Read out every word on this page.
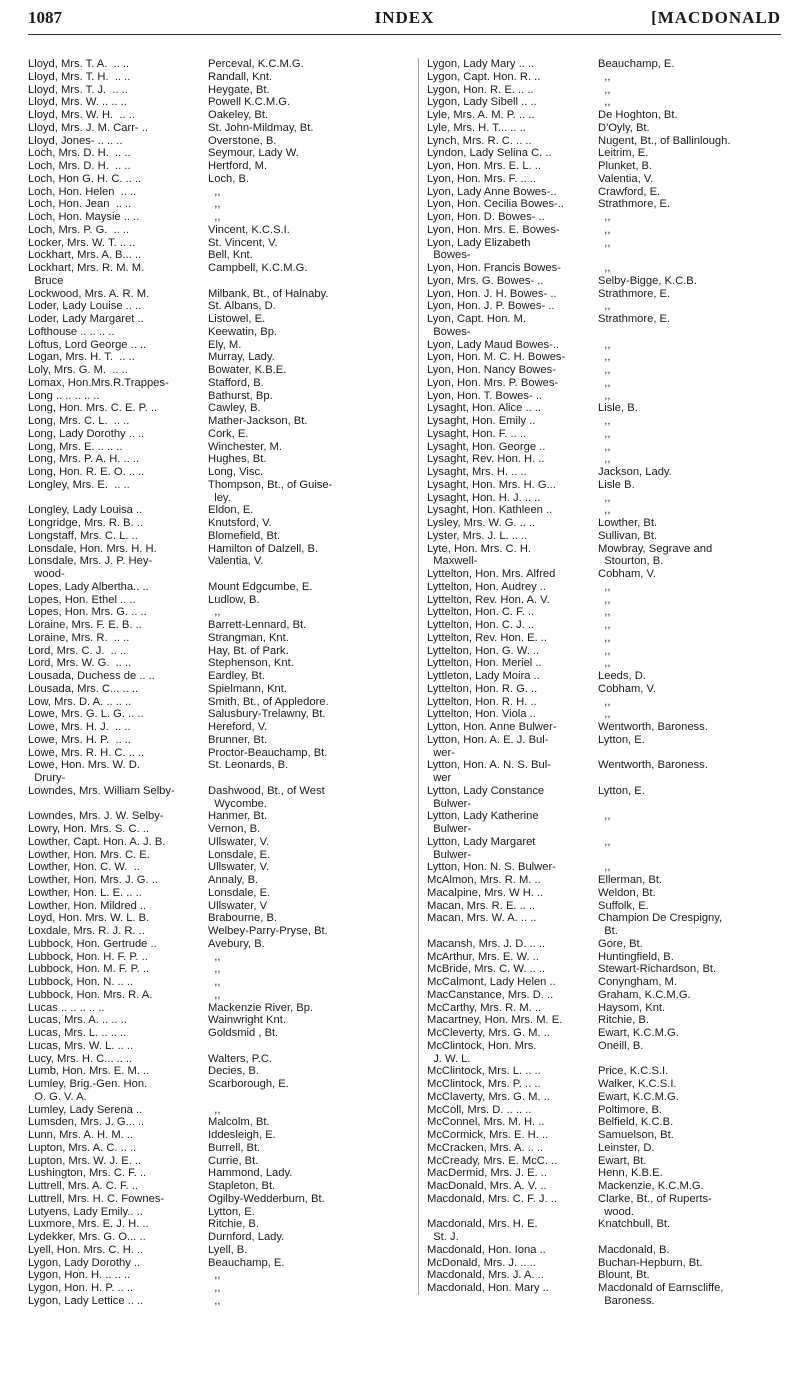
1087	INDEX	[MACDONALD
Lloyd, Mrs. T. A.  .. ..
Lloyd, Mrs. T. H.  .. ..
Lloyd, Mrs. T. J.  .. ..
Lloyd, Mrs. W. .. .. ..
Lloyd, Mrs. W. H.  .. ..
Lloyd, Mrs. J. M. Carr- ..
Lloyd, Jones- .. .. ..
Loch, Mrs. D. H.  .. ..
Loch, Mrs. D. H.  .. ..
Loch, Hon G. H. C. .. ..
Loch, Hon. Helen  .. ..
Loch, Hon. Jean  .. ..
Loch, Hon. Maysie .. ..
Loch, Mrs. P. G.  .. ..
Locker, Mrs. W. T. .. ..
Lockhart, Mrs. A. B... ..
Lockhart, Mrs. R. M. M.
Bruce
Lockwood, Mrs. A. R. M.
Loder, Lady Louise .. ..
Loder, Lady Margaret ..
Lofthouse .. .. .. ..
Loftus, Lord George .. ..
Logan, Mrs. H. T.  .. ..
Loly, Mrs. G. M.  .. ..
Lomax, Hon.Mrs.R.Trappes-
Long .. .. .. .. ..
Long, Hon. Mrs. C. E. P. ..
Long, Mrs. C. L.  .. ..
Long, Lady Dorothy .. ..
Long, Mrs. E. .. .. ..
Long, Mrs. P. A. H. .. ..
Long, Hon. R. E. O. .. ..
Longley, Mrs. E.  .. ..
Longley, Lady Louisa ..
Longridge, Mrs. R. B. ..
Longstaff, Mrs. C. L. ..
Lonsdale, Hon. Mrs. H. H.
Lonsdale, Mrs. J. P. Hey-
wood-
Lopes, Lady Albertha.. ..
Lopes, Hon. Ethel .. ..
Lopes, Hon. Mrs. G. .. ..
Loraine, Mrs. F. E. B. ..
Loraine, Mrs. R.  .. ..
Lord, Mrs. C. J.  .. ..
Lord, Mrs. W. G.  .. ..
Lousada, Duchess de .. ..
Lousada, Mrs. C... .. ..
Low, Mrs. D. A. .. .. ..
Lowe, Mrs. G. L. G. .. ..
Lowe, Mrs. H. J.  .. ..
Lowe, Mrs. H. P.  .. ..
Lowe, Mrs. R. H. C. .. ..
Lowe, Hon. Mrs. W. D.
Drury-
Lowndes, Mrs. William Selby-
Lowndes, Mrs. J. W. Selby-
Lowry, Hon. Mrs. S. C. ..
Lowther, Capt. Hon. A. J. B.
Lowther, Hon. Mrs. C. E.
Lowther, Hon. C. W.  ..
Lowther, Hon. Mrs. J. G. ..
Lowther, Hon. L. E. .. ..
Lowther, Hon. Mildred ..
Loyd, Hon. Mrs. W. L. B.
Loxdale, Mrs. R. J. R. ..
Lubbock, Hon. Gertrude ..
Lubbock, Hon. H. F. P. ..
Lubbock, Hon. M. F. P. ..
Lubbock, Hon. N. .. ..
Lubbock, Hon. Mrs. R. A.
Lucas .. .. .. .. ..
Lucas, Mrs. A. .. .. ..
Lucas, Mrs. L. .. .. ..
Lucas, Mrs. W. L. .. ..
Lucy, Mrs. H. C... .. ..
Lumb, Hon. Mrs. E. M. ..
Lumley, Brig.-Gen. Hon.
O. G. V. A.
Lumley, Lady Serena ..
Lumsden, Mrs. J. G... ..
Lunn, Mrs. A. H. M. ..
Lupton, Mrs. A. C. .. ..
Lupton, Mrs. W. J. E. ..
Lushington, Mrs. C. F. ..
Luttrell, Mrs. A. C. F. ..
Luttrell, Mrs. H. C. Fownes-
Lutyens, Lady Emily.. ..
Luxmore, Mrs. E. J. H. ..
Lydekker, Mrs. G. O... ..
Lyell, Hon. Mrs. C. H. ..
Lygon, Lady Dorothy ..
Lygon, Hon. H. .. .. ..
Lygon, Hon. H. P. .. ..
Lygon, Lady Lettice .. ..
Perceval, K.C.M.G.
Randall, Knt.
Heygate, Bt.
Powell K.C.M.G.
Oakeley, Bt.
St. John-Mildmay, Bt.
Overstone, B.
Seymour, Lady W.
Hertford, M.
Loch, B.
,,
,,
,,
Vincent, K.C.S.I.
St. Vincent, V.
Bell, Knt.
Campbell, K.C.M.G.
Milbank, Bt., of Halnaby.
St. Albans, D.
Listowel, E.
Keewatin, Bp.
Ely, M.
Murray, Lady.
Bowater, K.B.E.
Stafford, B.
Bathurst, Bp.
Cawley, B.
Mather-Jackson, Bt.
Cork, E.
Winchester, M.
Hughes, Bt.
Long, Visc.
Thompson, Bt., of Guise-
ley.
Eldon, E.
Knutsford, V.
Blomefield, Bt.
Hamilton of Dalzell, B.
Valentia, V.
Mount Edgcumbe, E.
Ludlow, B.
,,
Barrett-Lennard, Bt.
Strangman, Knt.
Hay, Bt. of Park.
Stephenson, Knt.
Eardley, Bt.
Spielmann, Knt.
Smith, Bt., of Appledore.
Salusbury-Trelawny, Bt.
Hereford, V.
Brunner, Bt.
Proctor-Beauchamp, Bt.
St. Leonards, B.
Dashwood, Bt., of West
Wycombe.
Hanmer, Bt.
Vernon, B.
Ullswater, V.
Lonsdale, E.
Ullswater, V.
Annaly, B.
Lonsdale, E.
Ullswater, V
Brabourne, B.
Welbey-Parry-Pryse, Bt.
Avebury, B.
,,
,,
,,
,,
Mackenzie River, Bp.
Wainwright Knt.
Goldsmid , Bt.
Walters, P.C.
Decies, B.
Scarborough, E.
,,
Malcolm, Bt.
Iddesleigh, E.
Burrell, Bt.
Currie, Bt.
Hammond, Lady.
Stapleton, Bt.
Ogilby-Wedderburn, Bt.
Lytton, E.
Ritchie, B.
Durnford, Lady.
Lyell, B.
Beauchamp, E.
,,
,,
,,
Lygon, Lady Mary .. ..
Lygon, Capt. Hon. R. ..
Lygon, Hon. R. E. .. ..
Lygon, Lady Sibell .. ..
Lyle, Mrs. A. M. P. .. ..
Lyle, Mrs. H. T... .. ..
Lynch, Mrs. R. C. .. ..
Lyndon, Lady Selina C. ..
Lyon, Hon. Mrs. E. L. ..
Lyon, Hon. Mrs. F. .. ..
Lyon, Lady Anne Bowes-..
Lyon, Hon. Cecilia Bowes-..
Lyon, Hon. D. Bowes- ..
Lyon, Hon. Mrs. E. Bowes-
Lyon, Lady Elizabeth
Bowes-
Lyon, Hon. Francis Bowes-
Lyon, Mrs. G. Bowes- ..
Lyon, Hon. J. H. Bowes- ..
Lyon, Hon. J. P. Bowes- ..
Lyon, Capt. Hon. M.
Bowes-
Lyon, Lady Maud Bowes-..
Lyon, Hon. M. C. H. Bowes-
Lyon, Hon. Nancy Bowes-
Lyon, Hon. Mrs. P. Bowes-
Lyon, Hon. T. Bowes- ..
Lysaght, Hon. Alice .. ..
Lysaght, Hon. Emily ..
Lysaght, Hon. F. .. ..
Lysaght, Hon. George ..
Lysaght, Rev. Hon. H. ..
Lysaght, Mrs. H. .. ..
Lysaght, Hon. Mrs. H. G...
Lysaght, Hon. H. J. .. ..
Lysaght, Hon. Kathleen ..
Lysley, Mrs. W. G. .. ..
Lyster, Mrs. J. L. .. ..
Lyte, Hon. Mrs. C. H.
Maxwell-
Lyttelton, Hon. Mrs. Alfred
Lyttelton, Hon. Audrey ..
Lyttelton, Rev. Hon. A. V.
Lyttelton, Hon. C. F. ..
Lyttelton, Hon. C. J. ..
Lyttelton, Rev. Hon. E. ..
Lyttelton, Hon. G. W. ..
Lyttelton, Hon. Meriel ..
Lyttleton, Lady Moira ..
Lyttelton, Hon. R. G. ..
Lyttelton, Hon. R. H. ..
Lyttelton, Hon. Viola ..
Lytton, Hon. Anne Bulwer-
Lytton, Hon. A. E. J. Bul-
wer-
Lytton, Hon. A. N. S. Bul-
wer
Lytton, Lady Constance
Bulwer-
Lytton, Lady Katherine
Bulwer-
Lytton, Lady Margaret
Bulwer-
Lytton, Hon. N. S. Bulwer-
McAlmon, Mrs. R. M. ..
Macalpine, Mrs. W H. ..
Macan, Mrs. R. E. .. ..
Macan, Mrs. W. A. .. ..
Macansh, Mrs. J. D. .. ..
McArthur, Mrs. E. W. ..
McBride, Mrs. C. W. .. ..
McCalmont, Lady Helen ..
MacCanstance, Mrs. D. ..
McCarthy, Mrs. R. M. ..
Macartney, Hon. Mrs. M. E.
McCleverty, Mrs. G. M. ..
McClintock, Hon. Mrs.
J. W. L.
McClintock, Mrs. L. .. ..
McClintock, Mrs. P. .. ..
McClaverty, Mrs. G. M. ..
McColl, Mrs. D. .. .. ..
McConnel, Mrs. M. H. ..
McCormick, Mrs. E. H. ..
McCracken, Mrs. A. .. ..
McCready, Mrs. E. McC. ..
MacDermid, Mrs. J. E. ..
MacDonald, Mrs. A. V. ..
Macdonald, Mrs. C. F. J. ..
Macdonald, Mrs. H. E.
St. J.
Macdonald, Hon. Iona ..
McDonald, Mrs. J. .. ..
Macdonald, Mrs. J. A. ..
Macdonald, Hon. Mary ..
Beauchamp, E.
,,
,,
,,
De Hoghton, Bt.
D'Oyly, Bt.
Nugent, Bt., of Ballinlough.
Leitrim, E.
Plunket, B.
Valentia, V.
Crawford, E.
Strathmore, E.
,,
,,
,,
,,
Selby-Bigge, K.C.B.
Strathmore, E.
,,
Strathmore, E.
,,
,,
,,
,,
,,
Lisle, B.
,,
,,
,,
,,
Jackson, Lady.
Lisle B.
,,
,,
Lowther, Bt.
Sullivan, Bt.
Mowbray, Segrave and
Stourton, B.
Cobham, V.
,,
,,
,,
,,
,,
,,
,,
Leeds, D.
Cobham, V.
,,
,,
Wentworth, Baroness.
Lytton, E.
Wentworth, Baroness.
Lytton, E.
,,
,,
,,
Ellerman, Bt.
Weldon, Bt.
Suffolk, E.
Champion De Crespigny,
Bt.
Gore, Bt.
Huntingfield, B.
Stewart-Richardson, Bt.
Conyngham, M.
Graham, K.C.M.G.
Haysom, Knt.
Ritchie, B.
Ewart, K.C.M.G.
Oneill, B.
Price, K.C.S.I.
Walker, K.C.S.I.
Ewart, K.C.M.G.
Poltimore, B.
Belfield, K.C.B.
Samuelson, Bt.
Leinster, D.
Ewart, Bt.
Henn, K.B.E.
Mackenzie, K.C.M.G.
Clarke, Bt., of Ruperts-
wood.
Knatchbull, Bt.
Macdonald, B.
Buchan-Hepburn, Bt.
Blount, Bt.
Macdonald of Earnscliffe,
Baroness.
